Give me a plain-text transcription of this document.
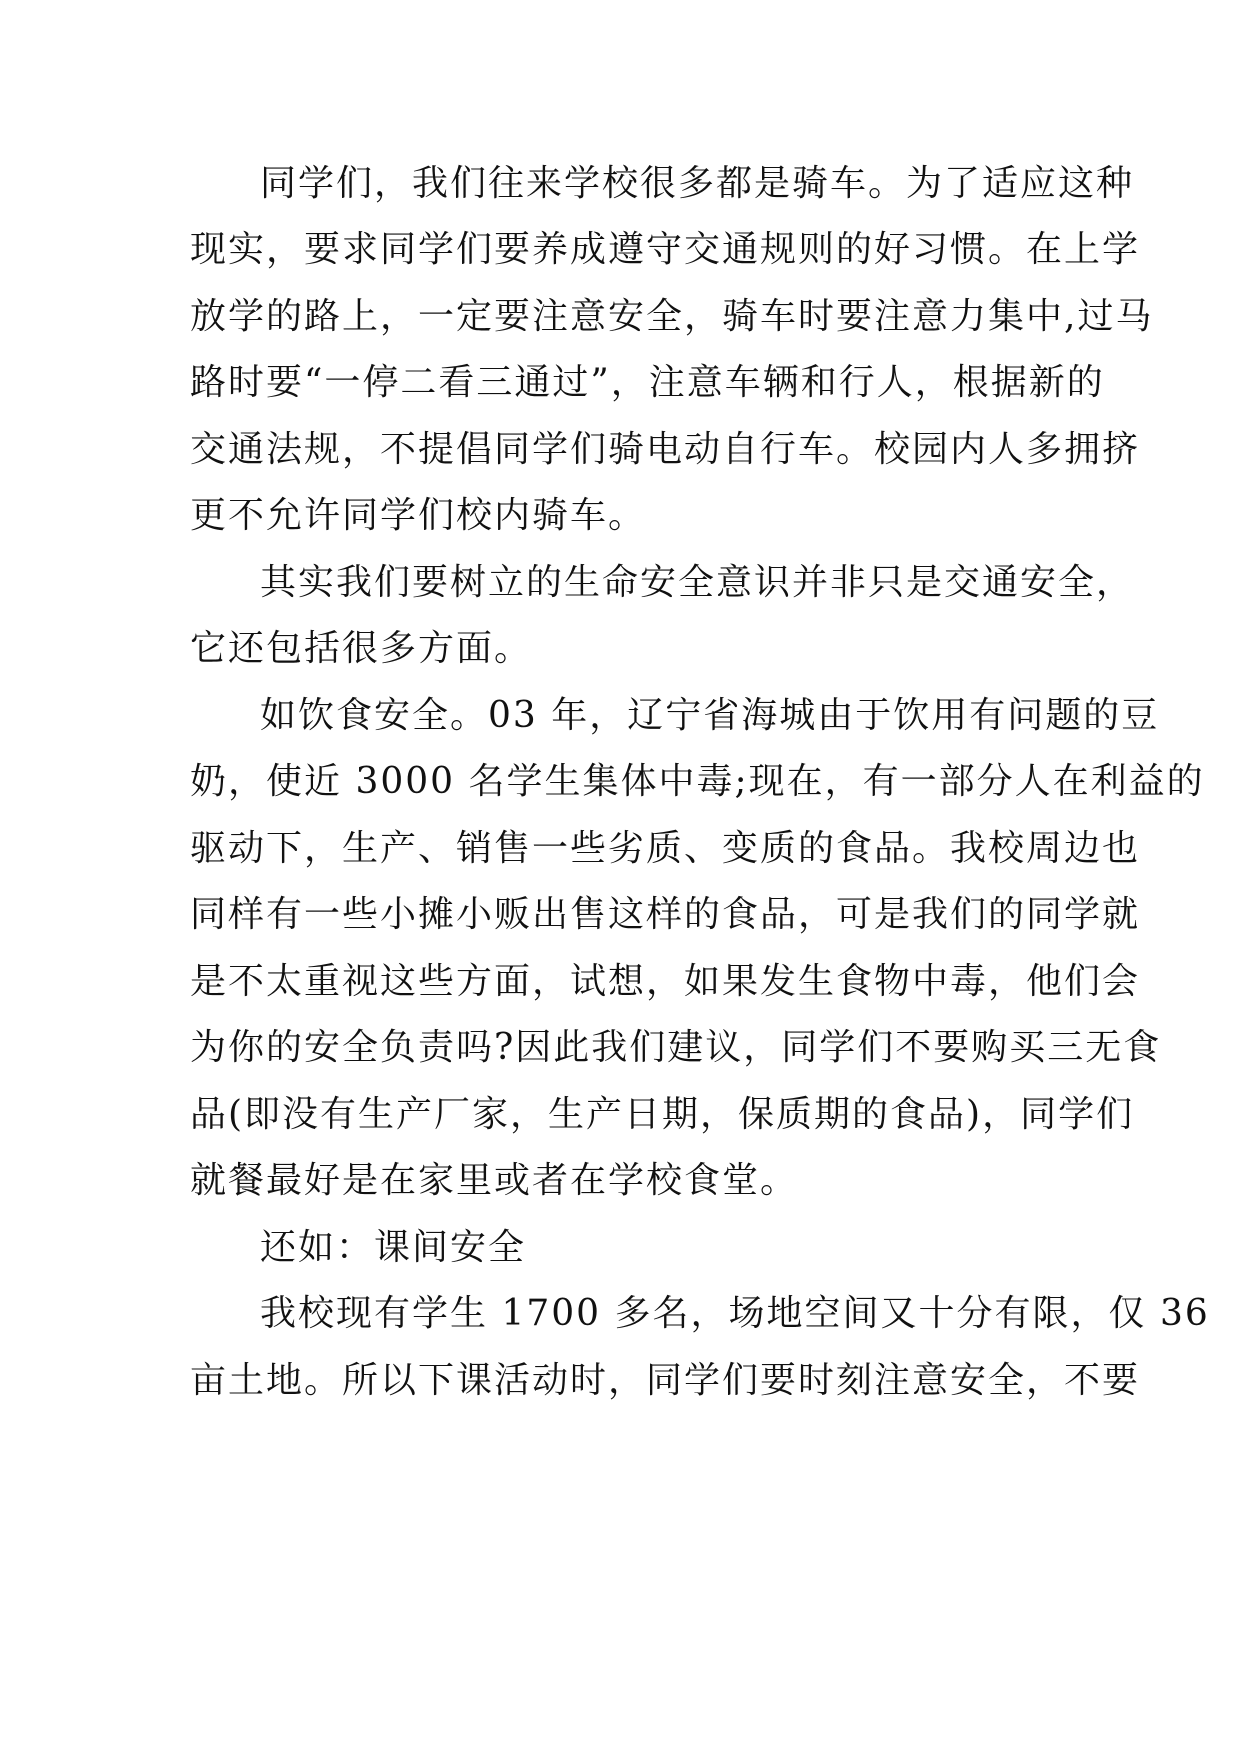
同学们，我们往来学校很多都是骑车。为了适应这种
现实，要求同学们要养成遵守交通规则的好习惯。在上学
放学的路上，一定要注意安全，骑车时要注意力集中,过马
路时要“一停二看三通过”，注意车辆和行人，根据新的
交通法规，不提倡同学们骑电动自行车。校园内人多拥挤
更不允许同学们校内骑车。
其实我们要树立的生命安全意识并非只是交通安全，
它还包括很多方面。
如饮食安全。03 年，辽宁省海城由于饮用有问题的豆
奶，使近 3000 名学生集体中毒;现在，有一部分人在利益的
驱动下，生产、销售一些劣质、变质的食品。我校周边也
同样有一些小摊小贩出售这样的食品，可是我们的同学就
是不太重视这些方面，试想，如果发生食物中毒，他们会
为你的安全负责吗?因此我们建议，同学们不要购买三无食
品(即没有生产厂家，生产日期，保质期的食品)，同学们
就餐最好是在家里或者在学校食堂。
还如：课间安全
我校现有学生 1700 多名，场地空间又十分有限，仅 36
亩土地。所以下课活动时，同学们要时刻注意安全，不要
